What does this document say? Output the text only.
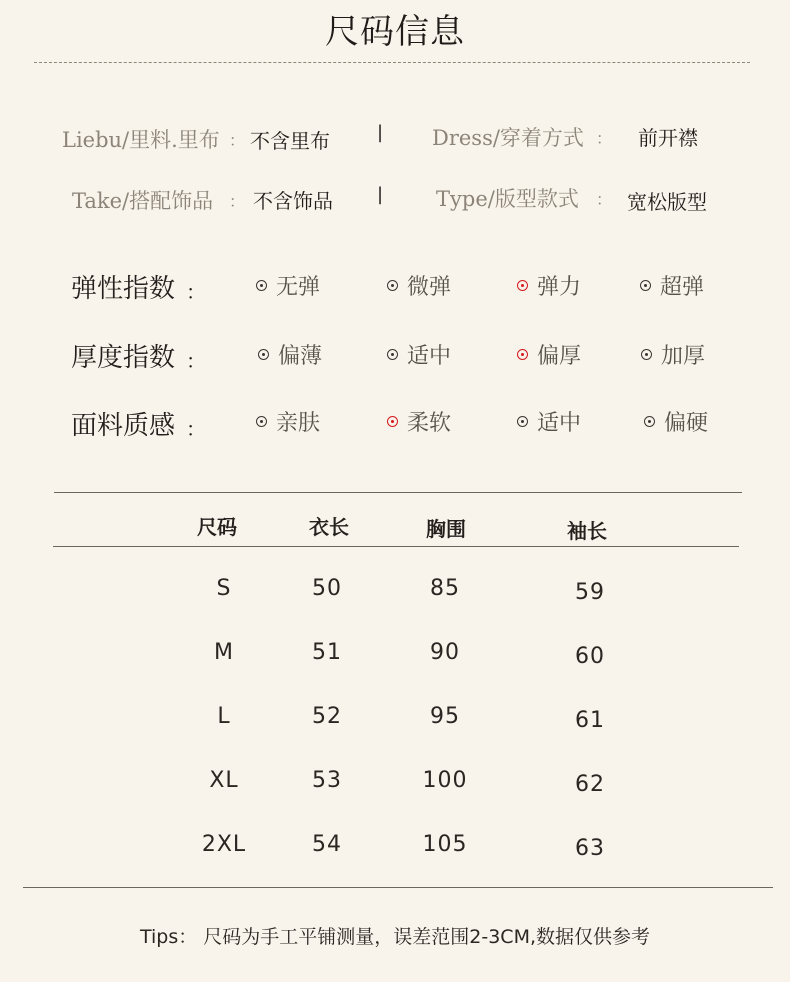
尺码信息
Liebu/里料.里布 ： 不含里布	| Dress/穿着方式 ： 前开襟
Take/搭配饰品 ： 不含饰品 |	Type/版型款式 ： 宽松版型
弹性指数 ：	无弹	微弹	弹力	超弹
厚度指数 ：	偏薄	适中	偏厚	加厚
面料质感 ：	亲肤	柔软	适中	偏硬
尺码	衣长	胸围	袖长
S	50	85	59
M	51	90	60
L	52	95	61
XL	53	100	62
2XL	54	105	63
Tips： 尺码为手工平铺测量，误差范围2-3CM,数据仅供参考
